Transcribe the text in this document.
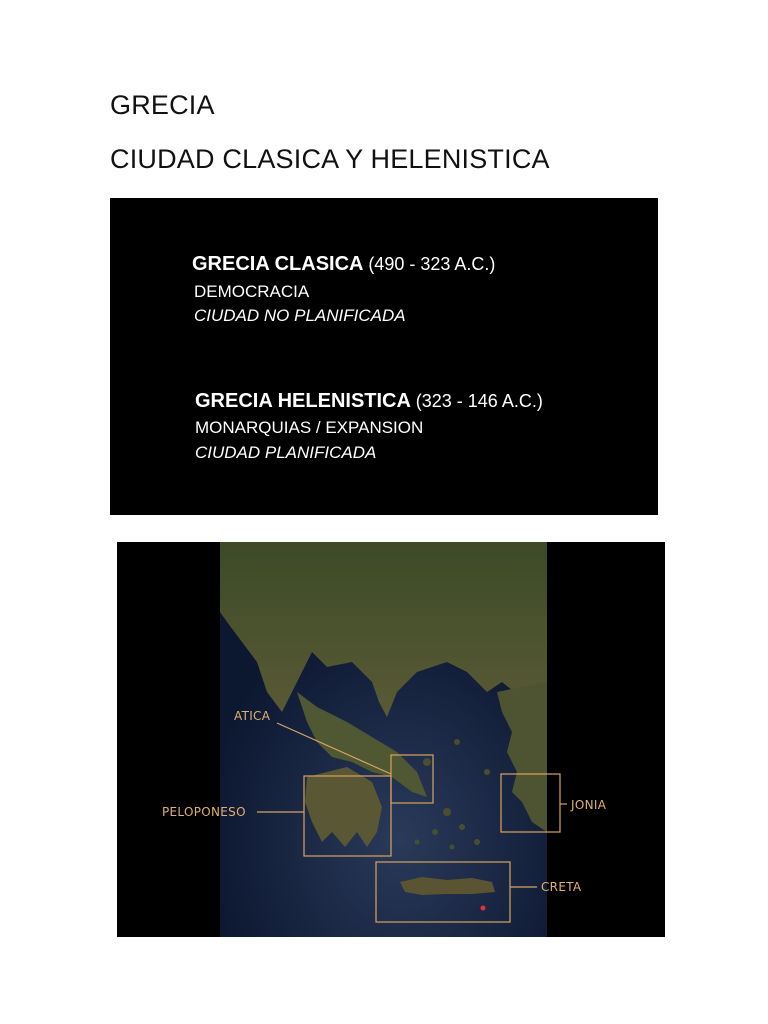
GRECIA
CIUDAD CLASICA Y HELENISTICA
GRECIA CLASICA (490 - 323 A.C.)
DEMOCRACIA
CIUDAD NO PLANIFICADA
GRECIA HELENISTICA (323 - 146 A.C.)
MONARQUIAS / EXPANSION
CIUDAD PLANIFICADA
ATICA
PELOPONESO	JONIA
CRETA
